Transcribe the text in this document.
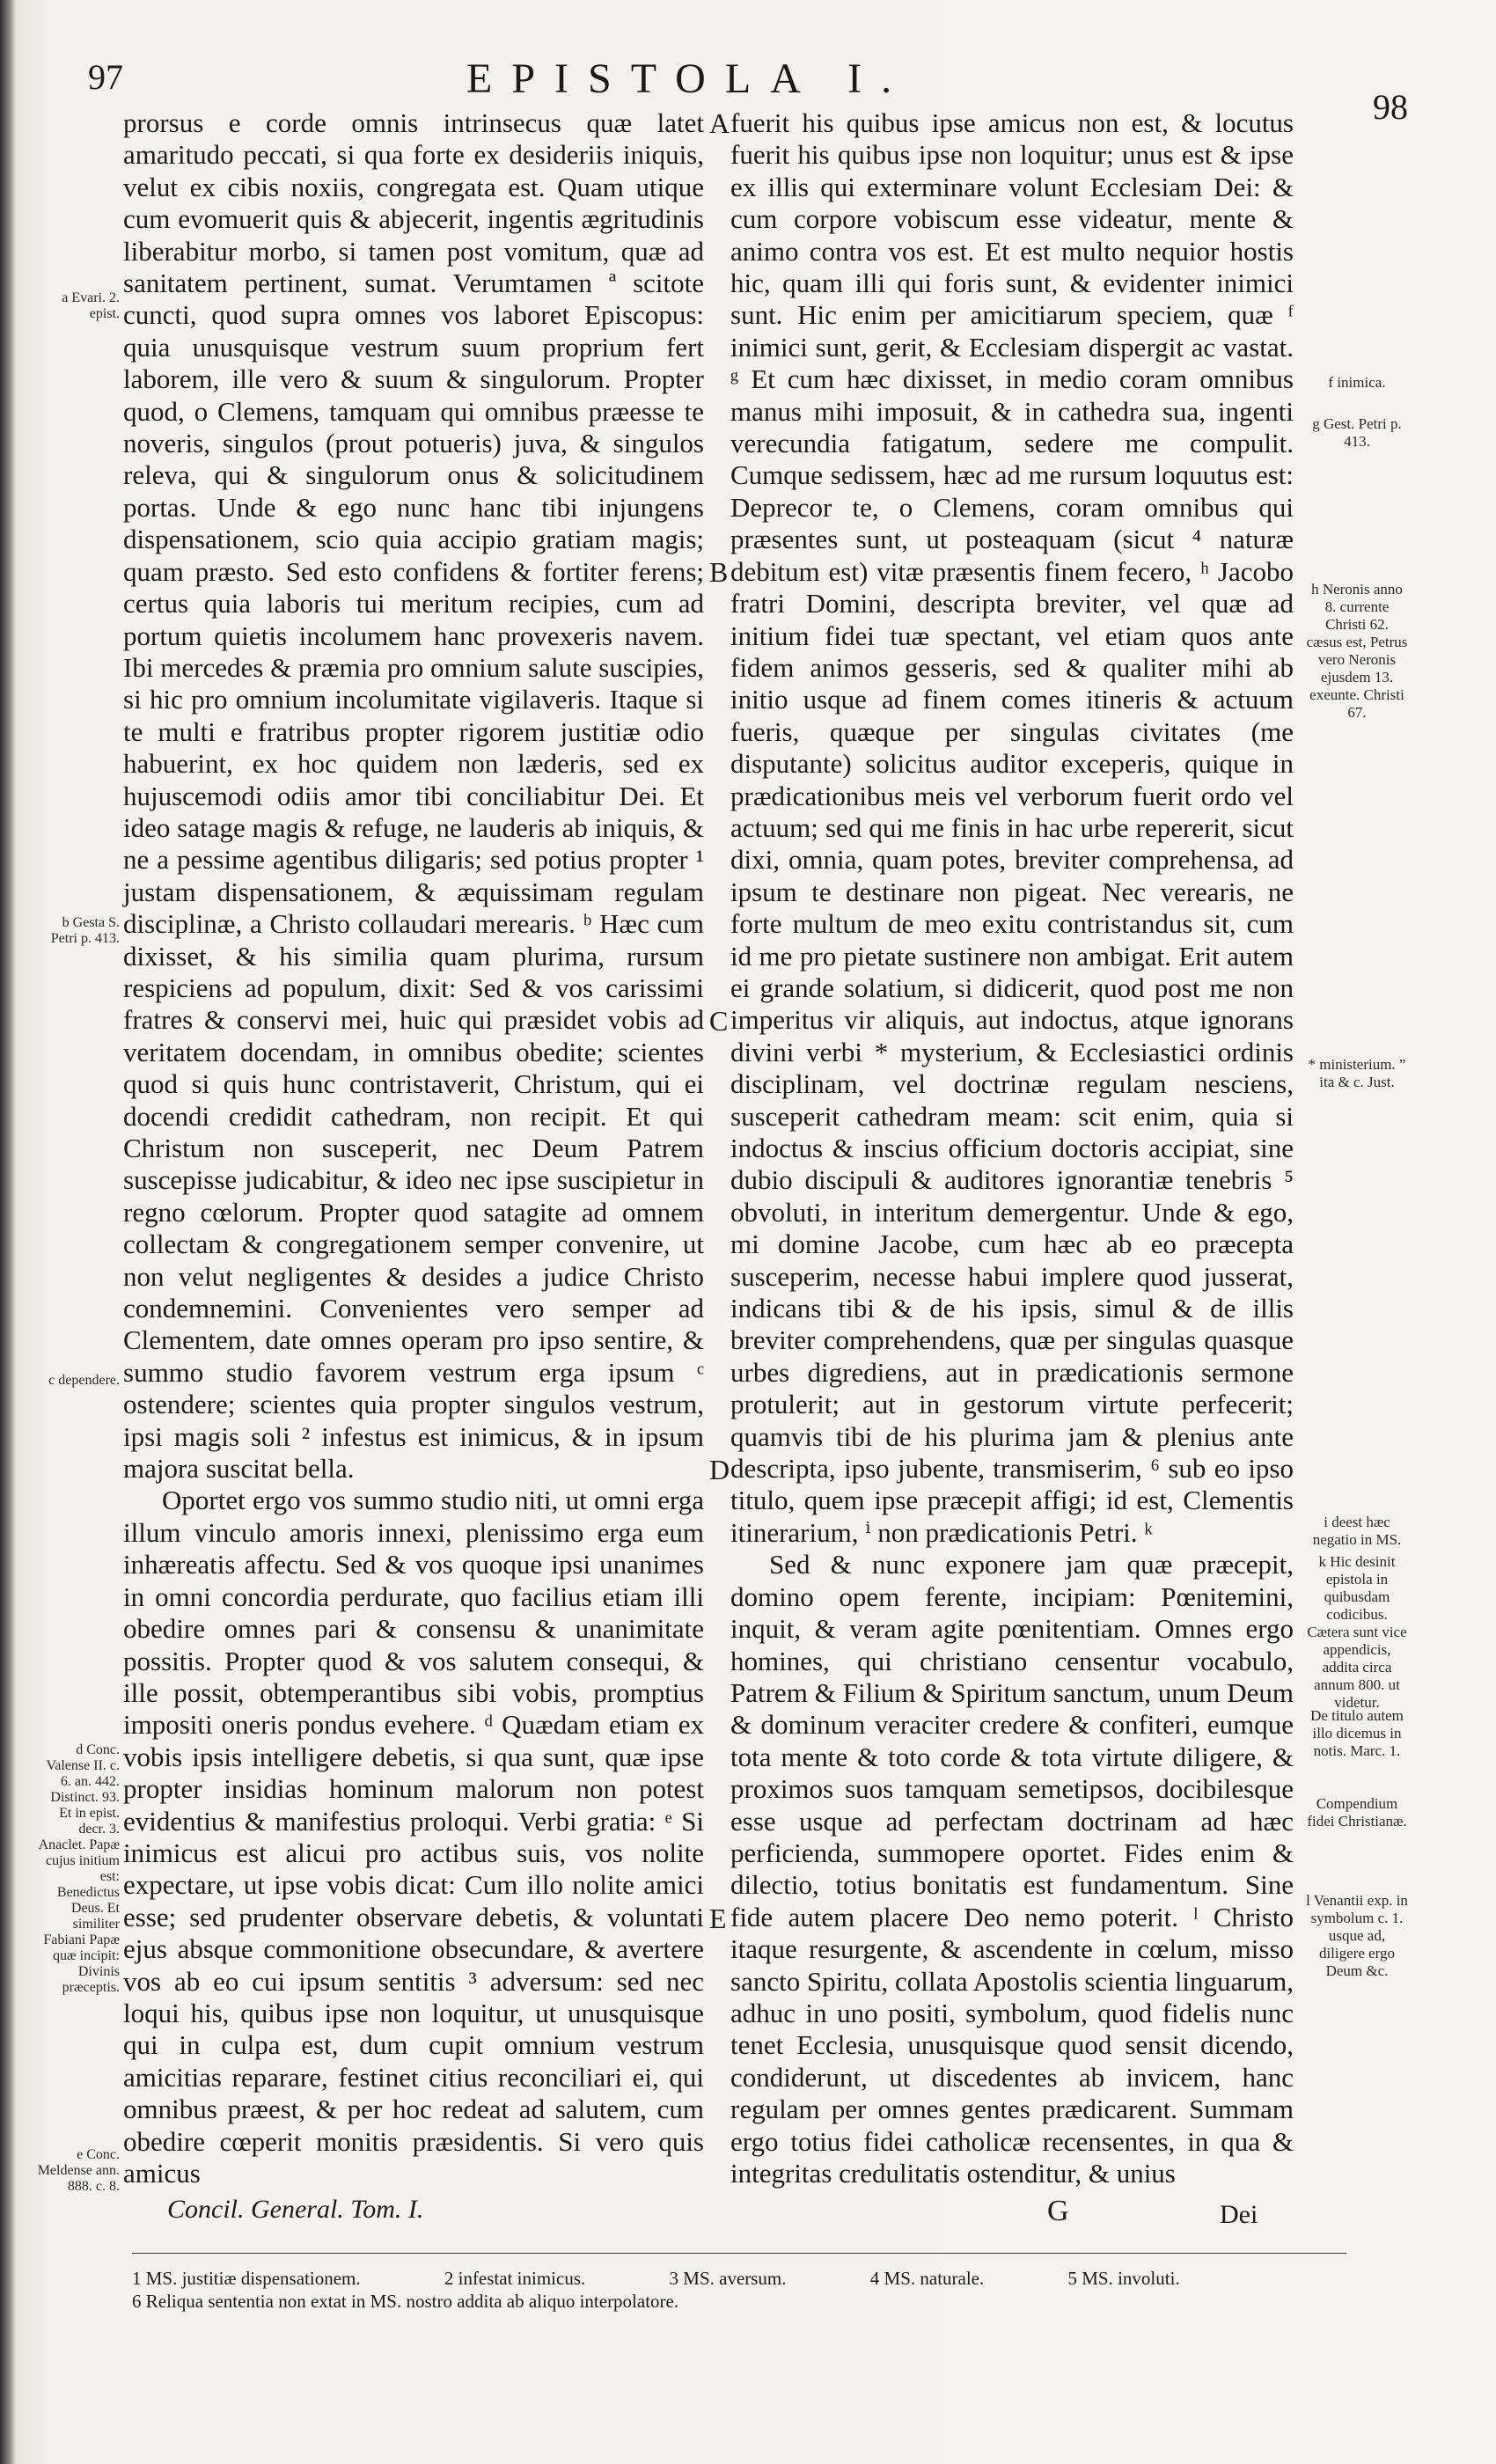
97	EPISTOLA I.
98
a Evari. 2. epist.
b Gesta S. Petri p. 413.
c dependere.
d Conc. Valense II. c. 6. an. 442. Distinct. 93. Et in epist. decr. 3. Anaclet. Papæ cujus initium est: Benedictus Deus. Et similiter Fabiani Papæ quæ incipit: Divinis præceptis.
e Conc. Meldense ann. 888. c. 8.

prorsus e corde omnis intrinsecus quæ latet amaritudo peccati, si qua forte ex desideriis iniquis, velut ex cibis noxiis, congregata est. Quam utique cum evomuerit quis & abjecerit, ingentis ægritudinis liberabitur morbo, si tamen post vomitum, quæ ad sanitatem pertinent, sumat. Verumtamen ª scitote cuncti, quod supra omnes vos laboret Episcopus: quia unusquisque vestrum suum proprium fert laborem, ille vero & suum & singulorum. Propter quod, o Clemens, tamquam qui omnibus præesse te noveris, singulos (prout potueris) juva, & singulos releva, qui & singulorum onus & solicitudinem portas. Unde & ego nunc hanc tibi injungens dispensationem, scio quia accipio gratiam magis; quam præsto. Sed esto confidens & fortiter ferens; certus quia laboris tui meritum recipies, cum ad portum quietis incolumem hanc provexeris navem. Ibi mercedes & præmia pro omnium salute suscipies, si hic pro omnium incolumitate vigilaveris. Itaque si te multi e fratribus propter rigorem justitiæ odio habuerint, ex hoc quidem non læderis, sed ex hujuscemodi odiis amor tibi conciliabitur Dei. Et ideo satage magis & refuge, ne lauderis ab iniquis, & ne a pessime agentibus diligaris; sed potius propter ¹ justam dispensationem, & æquissimam regulam disciplinæ, a Christo collaudari merearis. ᵇ Hæc cum dixisset, & his similia quam plurima, rursum respiciens ad populum, dixit: Sed & vos carissimi fratres & conservi mei, huic qui præsidet vobis ad veritatem docendam, in omnibus obedite; scientes quod si quis hunc contristaverit, Christum, qui ei docendi credidit cathedram, non recipit. Et qui Christum non susceperit, nec Deum Patrem suscepisse judicabitur, & ideo nec ipse suscipietur in regno cœlorum. Propter quod satagite ad omnem collectam & congregationem semper convenire, ut non velut negligentes & desides a judice Christo condemnemini. Convenientes vero semper ad Clementem, date omnes operam pro ipso sentire, & summo studio favorem vestrum erga ipsum ᶜ ostendere; scientes quia propter singulos vestrum, ipsi magis soli ² infestus est inimicus, & in ipsum majora suscitat bella.

Oportet ergo vos summo studio niti, ut omni erga illum vinculo amoris innexi, plenissimo erga eum inhæreatis affectu. Sed & vos quoque ipsi unanimes in omni concordia perdurate, quo facilius etiam illi obedire omnes pari & consensu & unanimitate possitis. Propter quod & vos salutem consequi, & ille possit, obtemperantibus sibi vobis, promptius impositi oneris pondus evehere. ᵈ Quædam etiam ex vobis ipsis intelligere debetis, si qua sunt, quæ ipse propter insidias hominum malorum non potest evidentius & manifestius proloqui. Verbi gratia: ᵉ Si inimicus est alicui pro actibus suis, vos nolite expectare, ut ipse vobis dicat: Cum illo nolite amici esse; sed prudenter observare debetis, & voluntati ejus absque commonitione obsecundare, & avertere vos ab eo cui ipsum sentitis ³ adversum: sed nec loqui his, quibus ipse non loquitur, ut unusquisque qui in culpa est, dum cupit omnium vestrum amicitias reparare, festinet citius reconciliari ei, qui omnibus præest, & per hoc redeat ad salutem, cum obedire cœperit monitis præsidentis. Si vero quis amicus

A
B
C
D
E

fuerit his quibus ipse amicus non est, & locutus fuerit his quibus ipse non loquitur; unus est & ipse ex illis qui exterminare volunt Ecclesiam Dei: & cum corpore vobiscum esse videatur, mente & animo contra vos est. Et est multo nequior hostis hic, quam illi qui foris sunt, & evidenter inimici sunt. Hic enim per amicitiarum speciem, quæ ᶠ inimici sunt, gerit, & Ecclesiam dispergit ac vastat. ᵍ Et cum hæc dixisset, in medio coram omnibus manus mihi imposuit, & in cathedra sua, ingenti verecundia fatigatum, sedere me compulit. Cumque sedissem, hæc ad me rursum loquutus est: Deprecor te, o Clemens, coram omnibus qui præsentes sunt, ut posteaquam (sicut ⁴ naturæ debitum est) vitæ præsentis finem fecero, ʰ Jacobo fratri Domini, descripta breviter, vel quæ ad initium fidei tuæ spectant, vel etiam quos ante fidem animos gesseris, sed & qualiter mihi ab initio usque ad finem comes itineris & actuum fueris, quæque per singulas civitates (me disputante) solicitus auditor exceperis, quique in prædicationibus meis vel verborum fuerit ordo vel actuum; sed qui me finis in hac urbe repererit, sicut dixi, omnia, quam potes, breviter comprehensa, ad ipsum te destinare non pigeat. Nec verearis, ne forte multum de meo exitu contristandus sit, cum id me pro pietate sustinere non ambigat. Erit autem ei grande solatium, si didicerit, quod post me non imperitus vir aliquis, aut indoctus, atque ignorans divini verbi * mysterium, & Ecclesiastici ordinis disciplinam, vel doctrinæ regulam nesciens, susceperit cathedram meam: scit enim, quia si indoctus & inscius officium doctoris accipiat, sine dubio discipuli & auditores ignorantiæ tenebris ⁵ obvoluti, in interitum demergentur. Unde & ego, mi domine Jacobe, cum hæc ab eo præcepta susceperim, necesse habui implere quod jusserat, indicans tibi & de his ipsis, simul & de illis breviter comprehendens, quæ per singulas quasque urbes digrediens, aut in prædicationis sermone protulerit; aut in gestorum virtute perfecerit; quamvis tibi de his plurima jam & plenius ante descripta, ipso jubente, transmiserim, ⁶ sub eo ipso titulo, quem ipse præcepit affigi; id est, Clementis itinerarium, ⁱ non prædicationis Petri. ᵏ

Sed & nunc exponere jam quæ præcepit, domino opem ferente, incipiam: Pœnitemini, inquit, & veram agite pœnitentiam. Omnes ergo homines, qui christiano censentur vocabulo, Patrem & Filium & Spiritum sanctum, unum Deum & dominum veraciter credere & confiteri, eumque tota mente & toto corde & tota virtute diligere, & proximos suos tamquam semetipsos, docibilesque esse usque ad perfectam doctrinam ad hæc perficienda, summopere oportet. Fides enim & dilectio, totius bonitatis est fundamentum. Sine fide autem placere Deo nemo poterit. ˡ Christo itaque resurgente, & ascendente in cœlum, misso sancto Spiritu, collata Apostolis scientia linguarum, adhuc in uno positi, symbolum, quod fidelis nunc tenet Ecclesia, unusquisque quod sensit dicendo, condiderunt, ut discedentes ab invicem, hanc regulam per omnes gentes prædicarent. Summam ergo totius fidei catholicæ recensentes, in qua & integritas credulitatis ostenditur, & unius

f inimica.
g Gest. Petri p. 413.
h Neronis anno 8. currente Christi 62. cæsus est, Petrus vero Neronis ejusdem 13. exeunte. Christi 67.
* ministerium. ” ita & c. Just.
i deest hæc negatio in MS.
k Hic desinit epistola in quibusdam codicibus. Cætera sunt vice appendicis, addita circa annum 800. ut videtur.
De titulo autem illo dicemus in notis. Marc. 1.
Compendium fidei Christianæ.
l Venantii exp. in symbolum c. 1. usque ad, diligere ergo Deum &c.
Concil. General. Tom. I.	G	Dei
1 MS. justitiæ dispensationem.	2 infestat inimicus.	3 MS. aversum.	4 MS. naturale.	5 MS. involuti.
6 Reliqua sententia non extat in MS. nostro addita ab aliquo interpolatore.
